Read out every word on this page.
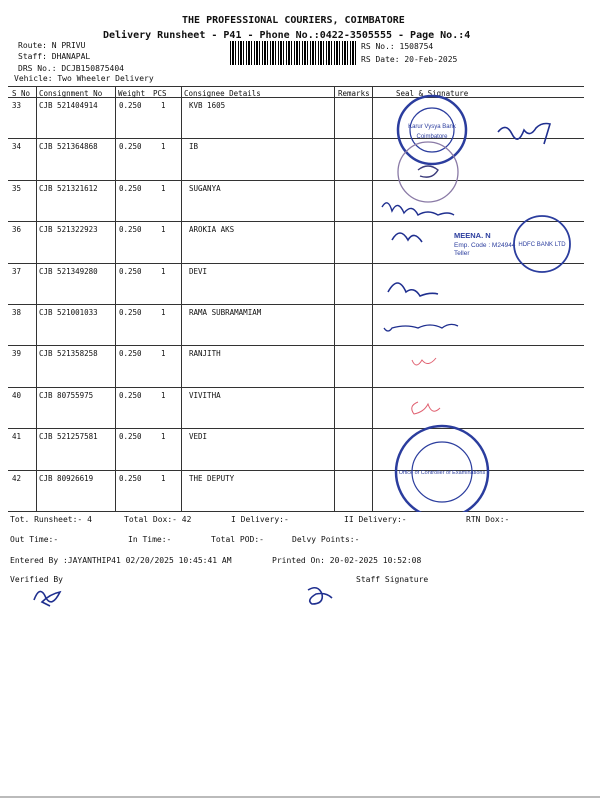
THE PROFESSIONAL COURIERS, COIMBATORE
Delivery Runsheet - P41 - Phone No.:0422-3505555 - Page No.:4
Route: N PRIVU
Staff: DHANAPAL
DRS No.: DCJB150875404
Vehicle: Two Wheeler Delivery
RS No.: 1508754
RS Date: 20-Feb-2025
S No Consignment No Weight PCS Consignee Details	Remarks	Seal & Signature
33 CJB 521404914	0.250	1	KVB 1605
34 CJB 521364868	0.250	1	IB
35 CJB 521321612	0.250	1	SUGANYA
36 CJB 521322923	0.250	1	AROKIA AKS
37 CJB 521349280	0.250	1	DEVI
38 CJB 521001033	0.250	1	RAMA SUBRAMAMIAM
39 CJB 521358258	0.250	1	RANJITH
40 CJB 80755975	0.250	1	VIVITHA
41 CJB 521257581	0.250	1	VEDI
42 CJB 80926619	0.250	1	THE DEPUTY
Karur Vysya Bank
Coimbatore
MEENA. N
Emp. Code : M24944
Teller
HDFC BANK LTD
Office of Controller of Examinations
Tot. Runsheet:- 4	Total Dox:- 42	I Delivery:-	II Delivery:-	RTN Dox:-
Out Time:-	In Time:-	Total POD:-	Delvy Points:-
Entered By :JAYANTHIP41 02/20/2025 10:45:41 AM	Printed On: 20-02-2025 10:52:08
Verified By	Staff Signature
